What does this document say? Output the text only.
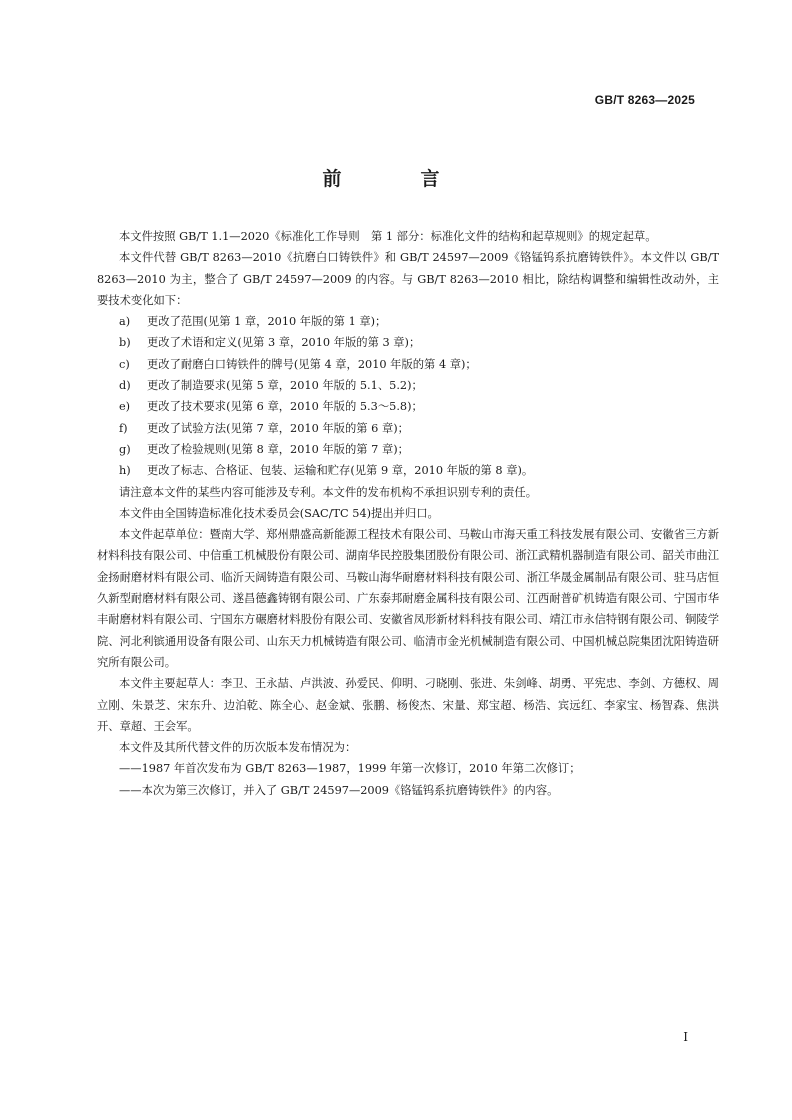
GB/T 8263—2025
前　言

本文件按照 GB/T 1.1—2020《标准化工作导则　第 1 部分：标准化文件的结构和起草规则》的规定起草。

本文件代替 GB/T 8263—2010《抗磨白口铸铁件》和 GB/T 24597—2009《铬锰钨系抗磨铸铁件》。本文件以 GB/T 8263—2010 为主，整合了 GB/T 24597—2009 的内容。与 GB/T 8263—2010 相比，除结构调整和编辑性改动外，主要技术变化如下：

a) 更改了范围(见第 1 章，2010 年版的第 1 章)；

b) 更改了术语和定义(见第 3 章，2010 年版的第 3 章)；

c) 更改了耐磨白口铸铁件的牌号(见第 4 章，2010 年版的第 4 章)；

d) 更改了制造要求(见第 5 章，2010 年版的 5.1、5.2)；

e) 更改了技术要求(见第 6 章，2010 年版的 5.3～5.8)；

f) 更改了试验方法(见第 7 章，2010 年版的第 6 章)；

g) 更改了检验规则(见第 8 章，2010 年版的第 7 章)；

h) 更改了标志、合格证、包装、运输和贮存(见第 9 章，2010 年版的第 8 章)。

请注意本文件的某些内容可能涉及专利。本文件的发布机构不承担识别专利的责任。

本文件由全国铸造标准化技术委员会(SAC/TC 54)提出并归口。

本文件起草单位：暨南大学、郑州鼎盛高新能源工程技术有限公司、马鞍山市海天重工科技发展有限公司、安徽省三方新材料科技有限公司、中信重工机械股份有限公司、湖南华民控股集团股份有限公司、浙江武精机器制造有限公司、韶关市曲江金扬耐磨材料有限公司、临沂天阔铸造有限公司、马鞍山海华耐磨材料科技有限公司、浙江华晟金属制品有限公司、驻马店恒久新型耐磨材料有限公司、遂昌德鑫铸钢有限公司、广东泰邦耐磨金属科技有限公司、江西耐普矿机铸造有限公司、宁国市华丰耐磨材料有限公司、宁国东方碾磨材料股份有限公司、安徽省凤形新材料科技有限公司、靖江市永信特钢有限公司、铜陵学院、河北利镔通用设备有限公司、山东天力机械铸造有限公司、临清市金光机械制造有限公司、中国机械总院集团沈阳铸造研究所有限公司。

本文件主要起草人：李卫、王永喆、卢洪波、孙爱民、仰明、刁晓刚、张进、朱剑峰、胡勇、平宪忠、李剑、方德权、周立刚、朱景芝、宋东升、边泊乾、陈全心、赵金斌、张鹏、杨俊杰、宋量、郑宝超、杨浩、宾远红、李家宝、杨智森、焦洪开、章超、王会军。

本文件及其所代替文件的历次版本发布情况为：

——1987 年首次发布为 GB/T 8263—1987，1999 年第一次修订，2010 年第二次修订；

——本次为第三次修订，并入了 GB/T 24597—2009《铬锰钨系抗磨铸铁件》的内容。

I
